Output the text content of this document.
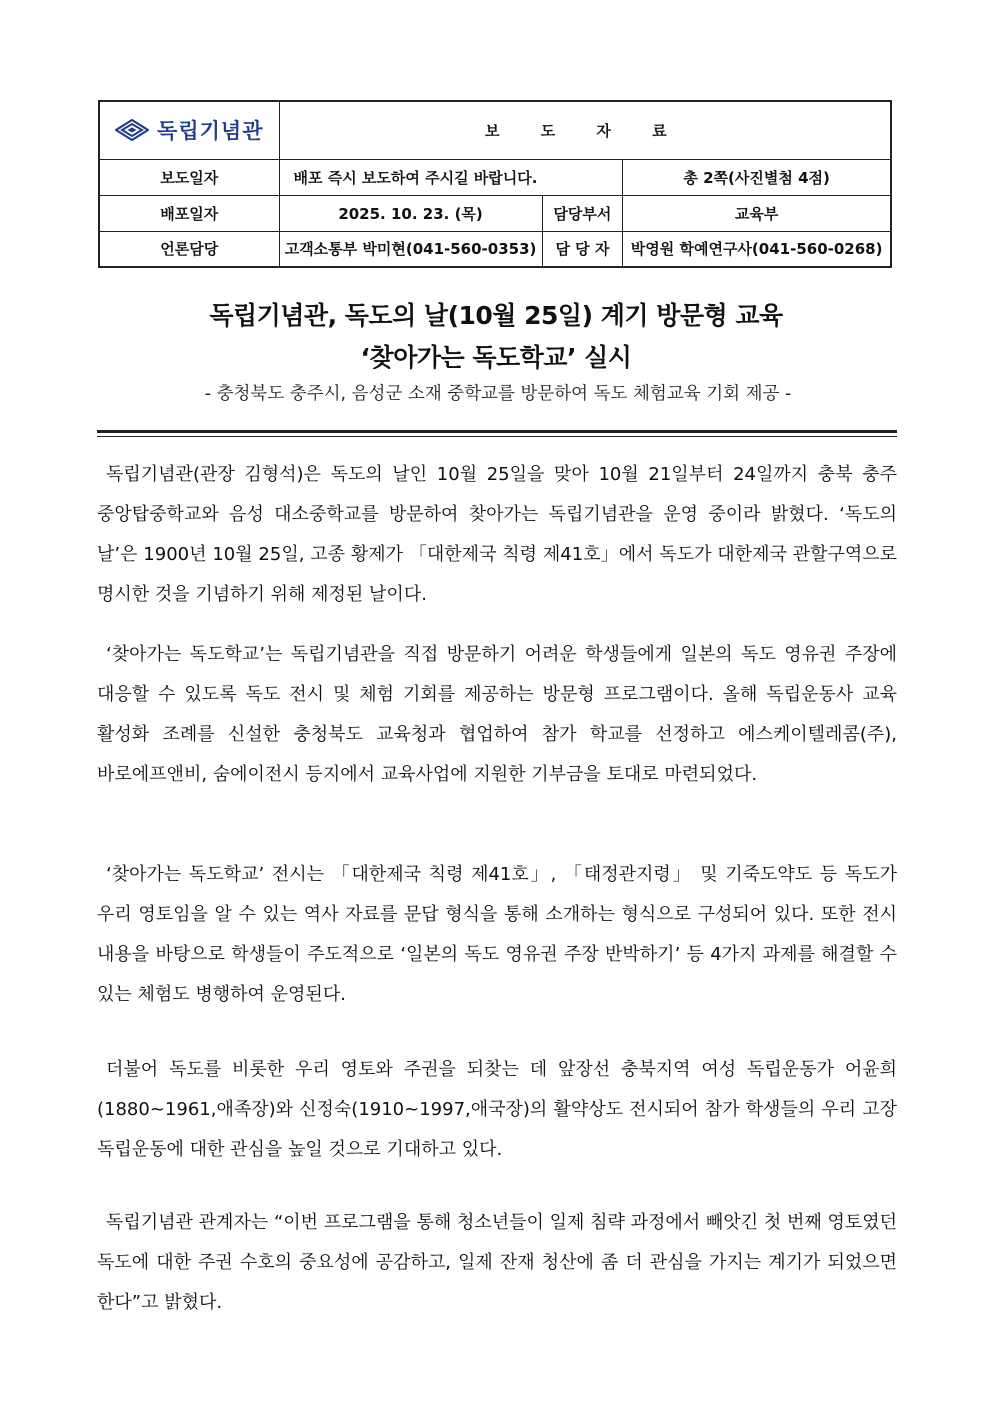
독립기념관	보 도 자 료		
보도일자	배포 즉시 보도하여 주시길 바랍니다.		총 2쪽(사진별첨 4점)
배포일자	2025. 10. 23. (목)	담당부서	교육부
언론담당	고객소통부 박미현(041-560-0353)	담 당 자	박영원 학예연구사(041-560-0268)
독립기념관, 독도의 날(10월 25일) 계기 방문형 교육
‘찾아가는 독도학교’ 실시
- 충청북도 충주시, 음성군 소재 중학교를 방문하여 독도 체험교육 기회 제공 -

독립기념관(관장 김형석)은 독도의 날인 10월 25일을 맞아 10월 21일부터 24일까지 충북 충주 중앙탑중학교와 음성 대소중학교를 방문하여 찾아가는 독립기념관을 운영 중이라 밝혔다. ‘독도의 날’은 1900년 10월 25일, 고종 황제가 「대한제국 칙령 제41호」에서 독도가 대한제국 관할구역으로 명시한 것을 기념하기 위해 제정된 날이다.

‘찾아가는 독도학교’는 독립기념관을 직접 방문하기 어려운 학생들에게 일본의 독도 영유권 주장에 대응할 수 있도록 독도 전시 및 체험 기회를 제공하는 방문형 프로그램이다. 올해 독립운동사 교육 활성화 조례를 신설한 충청북도 교육청과 협업하여 참가 학교를 선정하고 에스케이텔레콤(주), 바로에프앤비, 숨에이전시 등지에서 교육사업에 지원한 기부금을 토대로 마련되었다.

‘찾아가는 독도학교’ 전시는 「대한제국 칙령 제41호」, 「태정관지령」 및 기죽도약도 등 독도가 우리 영토임을 알 수 있는 역사 자료를 문답 형식을 통해 소개하는 형식으로 구성되어 있다. 또한 전시 내용을 바탕으로 학생들이 주도적으로 ‘일본의 독도 영유권 주장 반박하기’ 등 4가지 과제를 해결할 수 있는 체험도 병행하여 운영된다.

더불어 독도를 비롯한 우리 영토와 주권을 되찾는 데 앞장선 충북지역 여성 독립운동가 어윤희(1880~1961,애족장)와 신정숙(1910~1997,애국장)의 활약상도 전시되어 참가 학생들의 우리 고장 독립운동에 대한 관심을 높일 것으로 기대하고 있다.

독립기념관 관계자는 “이번 프로그램을 통해 청소년들이 일제 침략 과정에서 빼앗긴 첫 번째 영토였던 독도에 대한 주권 수호의 중요성에 공감하고, 일제 잔재 청산에 좀 더 관심을 가지는 계기가 되었으면 한다”고 밝혔다.
